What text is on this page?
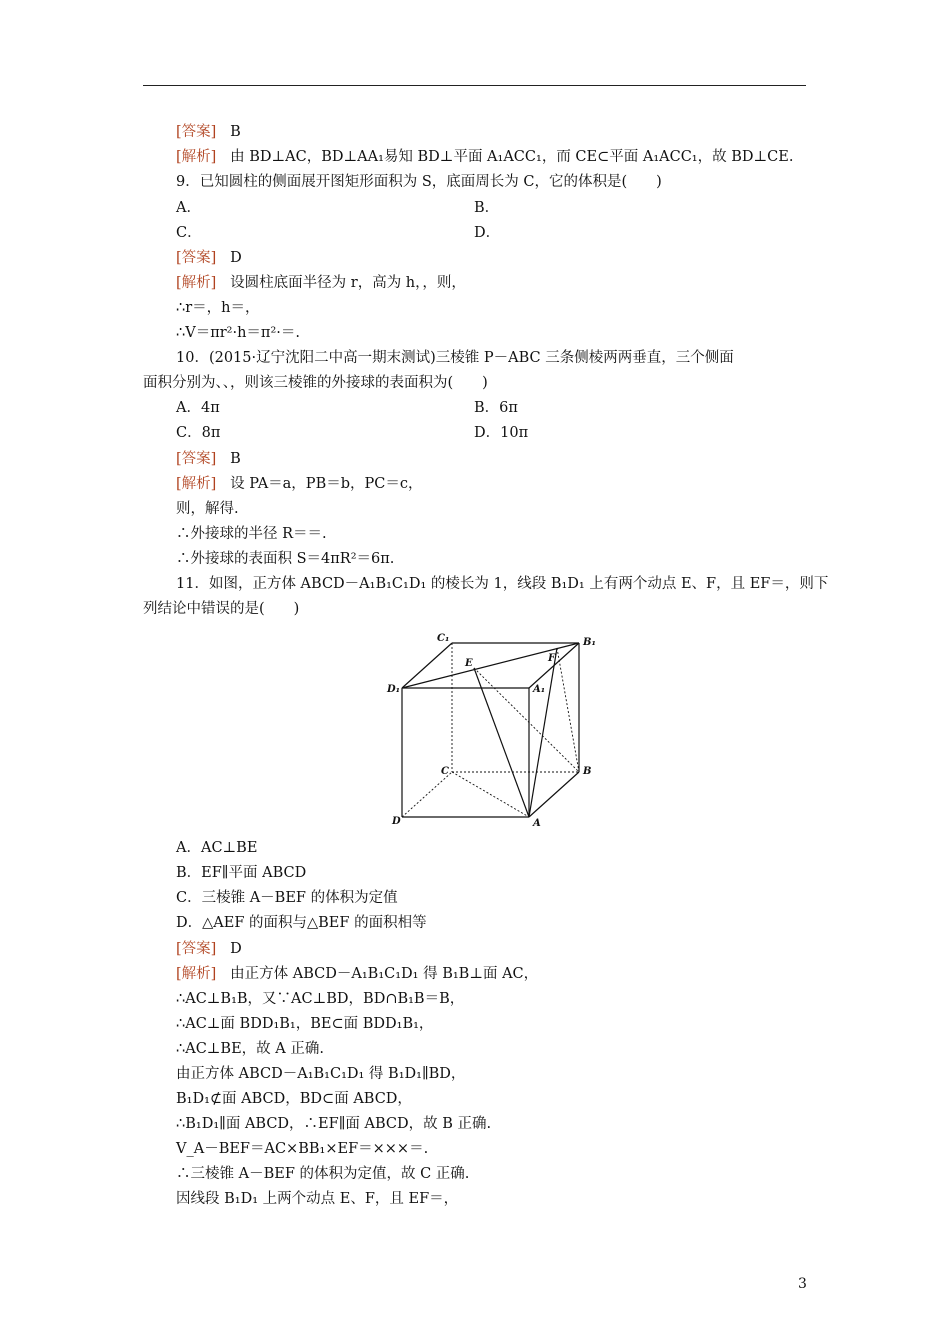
[答案] B
[解析] 由 BD⊥AC，BD⊥AA₁易知 BD⊥平面 A₁ACC₁，而 CE⊂平面 A₁ACC₁，故 BD⊥CE.
9．已知圆柱的侧面展开图矩形面积为 S，底面周长为 C，它的体积是(　　)
A．	B．
C．	D．
[答案] D
[解析] 设圆柱底面半径为 r，高为 h，，则，
∴r＝，h＝，
∴V＝πr²·h＝π²·＝.
10．(2015·辽宁沈阳二中高一期末测试)三棱锥 P－ABC 三条侧棱两两垂直，三个侧面
面积分别为、、，则该三棱锥的外接球的表面积为(　　)
A．4π	B．6π
C．8π	D．10π
[答案] B
[解析] 设 PA＝a，PB＝b，PC＝c，
则，解得.
∴外接球的半径 R＝＝.
∴外接球的表面积 S＝4πR²＝6π.
11．如图，正方体 ABCD－A₁B₁C₁D₁ 的棱长为 1，线段 B₁D₁ 上有两个动点 E、F，且 EF＝，则下
列结论中错误的是(　　)
C₁	B₁
E	F
D₁	A₁
C	B
D	A
A．AC⊥BE
B．EF∥平面 ABCD
C．三棱锥 A－BEF 的体积为定值
D．△AEF 的面积与△BEF 的面积相等
[答案] D
[解析] 由正方体 ABCD－A₁B₁C₁D₁ 得 B₁B⊥面 AC，
∴AC⊥B₁B，又∵AC⊥BD，BD∩B₁B＝B，
∴AC⊥面 BDD₁B₁，BE⊂面 BDD₁B₁，
∴AC⊥BE，故 A 正确.
由正方体 ABCD－A₁B₁C₁D₁ 得 B₁D₁∥BD，
B₁D₁⊄面 ABCD，BD⊂面 ABCD，
∴B₁D₁∥面 ABCD，∴EF∥面 ABCD，故 B 正确.
V_A－BEF＝AC×BB₁×EF＝×××＝.
∴三棱锥 A－BEF 的体积为定值，故 C 正确.
因线段 B₁D₁ 上两个动点 E、F，且 EF＝，
3
